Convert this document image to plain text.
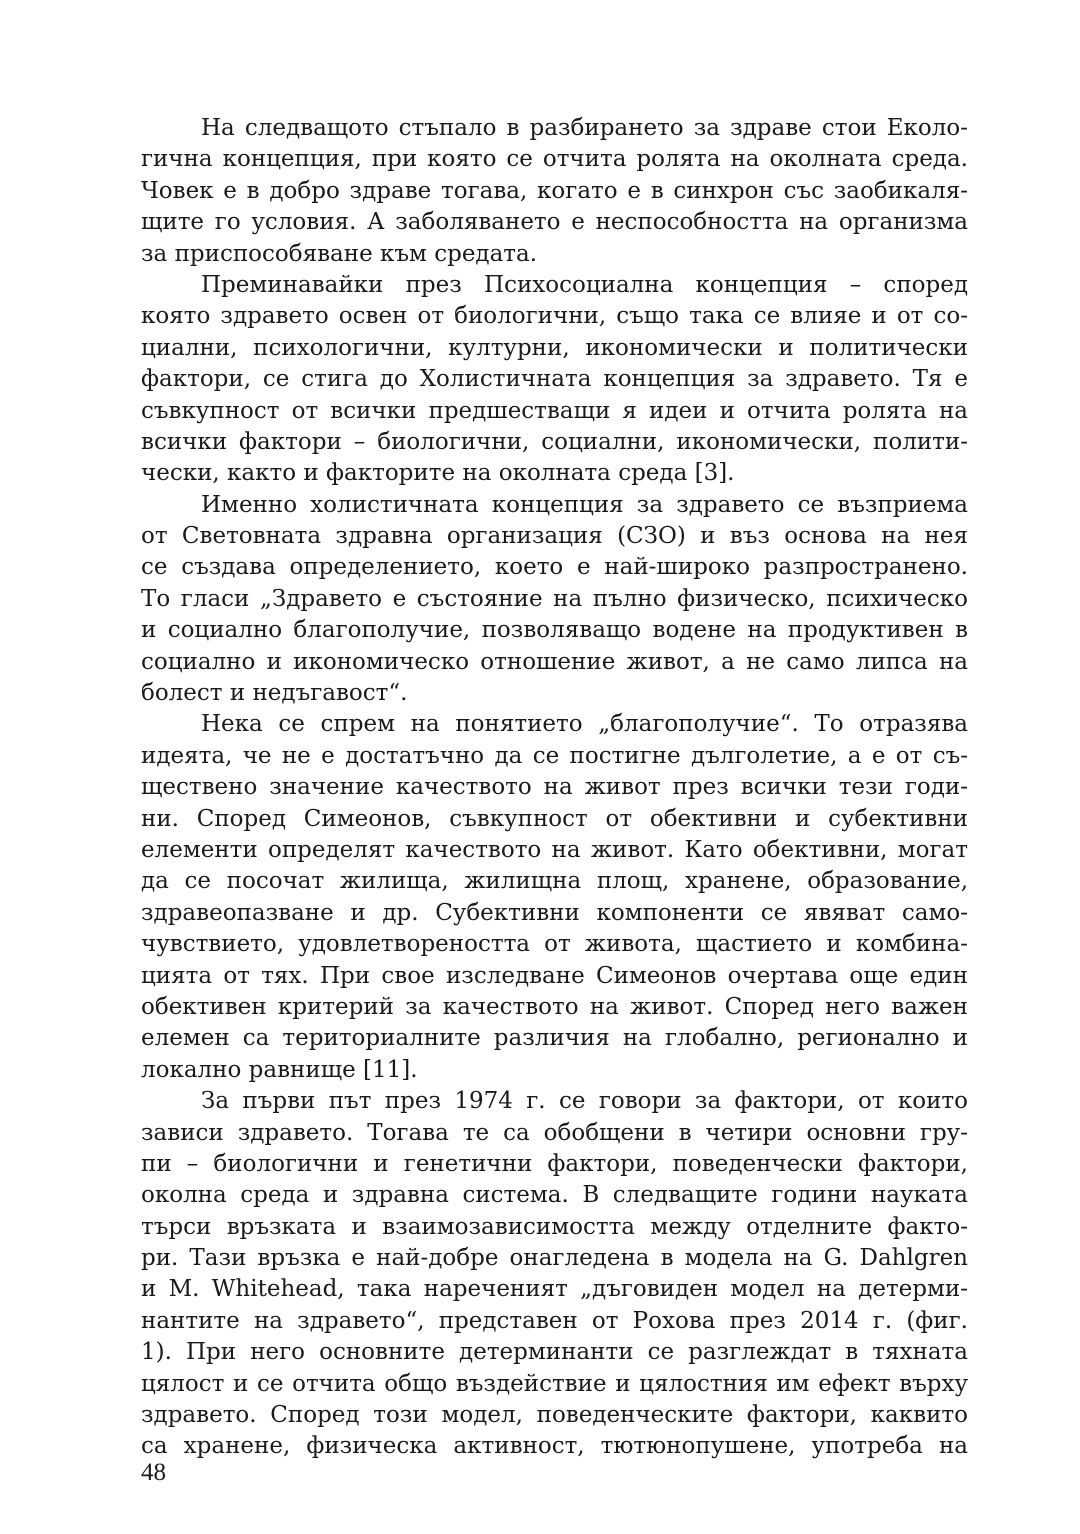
На следващото стъпало в разбирането за здраве стои Еколо-
гична концепция, при която се отчита ролята на околната среда.
Човек е в добро здраве тогава, когато е в синхрон със заобикаля-
щите го условия. А заболяването е неспособността на организма
за приспособяване към средата.
Преминавайки през Психосоциална концепция – според
която здравето освен от биологични, също така се влияе и от со-
циални, психологични, културни, икономически и политически
фактори, се стига до Холистичната концепция за здравето. Тя е
съвкупност от всички предшестващи я идеи и отчита ролята на
всички фактори – биологични, социални, икономически, полити-
чески, както и факторите на околната среда [3].
Именно холистичната концепция за здравето се възприема
от Световната здравна организация (СЗО) и въз основа на нея
се създава определението, което е най-широко разпространено.
То гласи „Здравето е състояние на пълно физическо, психическо
и социално благополучие, позволяващо водене на продуктивен в
социално и икономическо отношение живот, а не само липса на
болест и недъгавост“.
Нека се спрем на понятието „благополучие“. То отразява
идеята, че не е достатъчно да се постигне дълголетие, а е от съ-
ществено значение качеството на живот през всички тези годи-
ни. Според Симеонов, съвкупност от обективни и субективни
елементи определят качеството на живот. Като обективни, могат
да се посочат жилища, жилищна площ, хранене, образование,
здравеопазване и др. Субективни компоненти се явяват само-
чувствието, удовлетвореността от живота, щастието и комбина-
цията от тях. При свое изследване Симеонов очертава още един
обективен критерий за качеството на живот. Според него важен
елемен са териториалните различия на глобално, регионално и
локално равнище [11].
За първи път през 1974 г. се говори за фактори, от които
зависи здравето. Тогава те са обобщени в четири основни гру-
пи – биологични и генетични фактори, поведенчески фактори,
околна среда и здравна система. В следващите години науката
търси връзката и взаимозависимостта между отделните факто-
ри. Тази връзка е най-добре онагледена в модела на G. Dahlgren
и M. Whitehead, така нареченият „дъговиден модел на детерми-
нантите на здравето“, представен от Рохова през 2014 г. (фиг.
1). При него основните детерминанти се разглеждат в тяхната
цялост и се отчита общо въздействие и цялостния им ефект върху
здравето. Според този модел, поведенческите фактори, каквито
са хранене, физическа активност, тютюнопушене, употреба на
48
